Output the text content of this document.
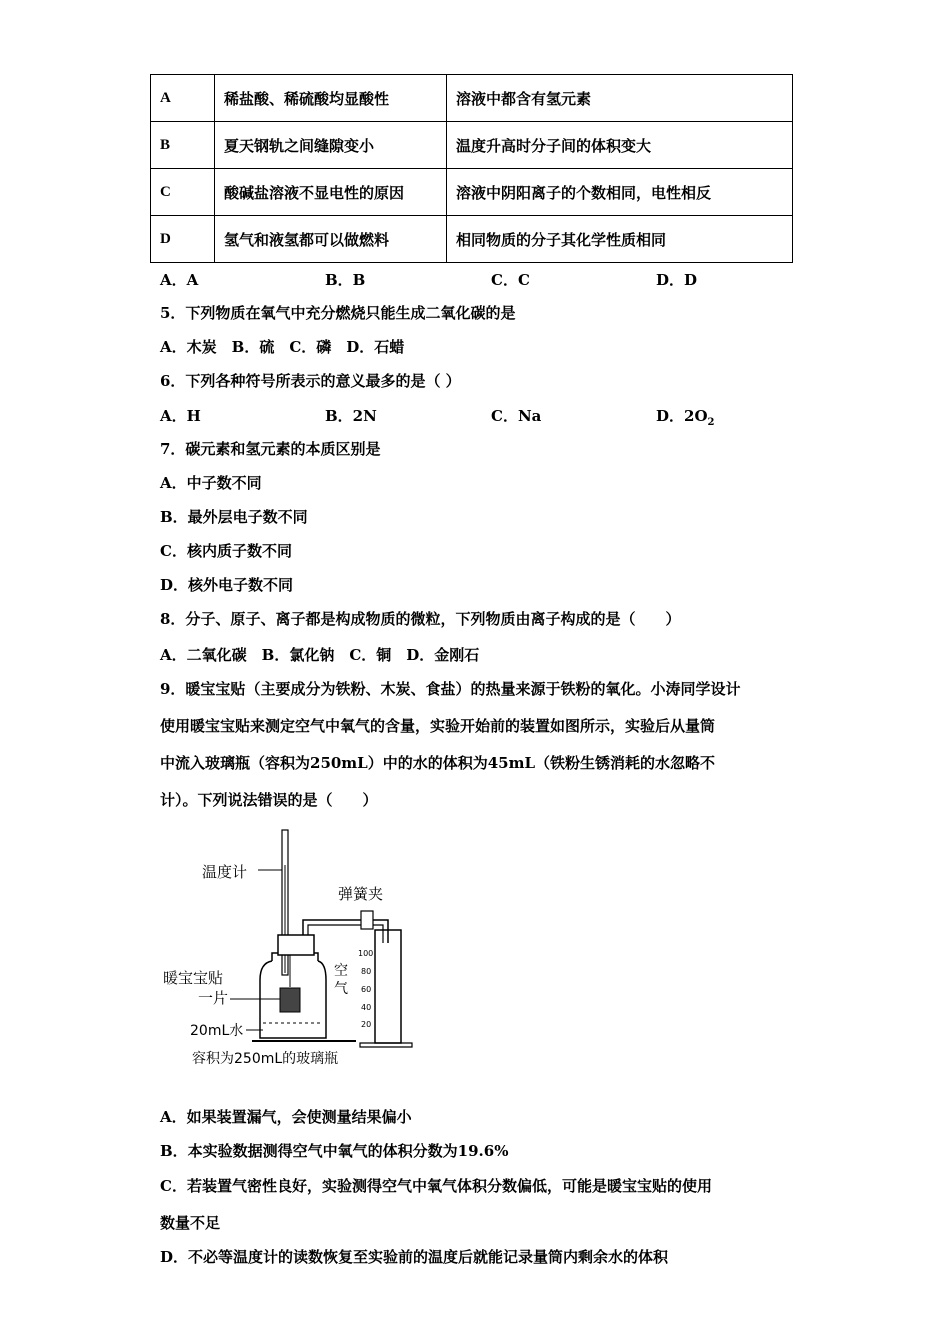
A	稀盐酸、稀硫酸均显酸性	溶液中都含有氢元素
B	夏天钢轨之间缝隙变小	温度升高时分子间的体积变大
C	酸碱盐溶液不显电性的原因	溶液中阴阳离子的个数相同，电性相反
D	氢气和液氢都可以做燃料	相同物质的分子其化学性质相同
A．A	B．B	C．C	D．D
5．下列物质在氧气中充分燃烧只能生成二氧化碳的是
A．木炭　B．硫　C．磷　D．石蜡
6．下列各种符号所表示的意义最多的是（ ）
A．H	B．2N	C．Na	D．$2O_2$
7．碳元素和氢元素的本质区别是
A．中子数不同
B．最外层电子数不同
C．核内质子数不同
D．核外电子数不同
8．分子、原子、离子都是构成物质的微粒，下列物质由离子构成的是（　　）
A．二氧化碳　B．氯化钠　C．铜　D．金刚石
9．暖宝宝贴（主要成分为铁粉、木炭、食盐）的热量来源于铁粉的氧化。小涛同学设计
使用暖宝宝贴来测定空气中氧气的含量，实验开始前的装置如图所示，实验后从量筒
中流入玻璃瓶（容积为250mL）中的水的体积为45mL（铁粉生锈消耗的水忽略不
计）。下列说法错误的是（　　）
温度计
弹簧夹
100
80
60
40
20
空
气
暖宝宝贴
一片
20mL水
容积为250mL的玻璃瓶
A．如果装置漏气，会使测量结果偏小
B．本实验数据测得空气中氧气的体积分数为19.6%
C．若装置气密性良好，实验测得空气中氧气体积分数偏低，可能是暖宝宝贴的使用
数量不足
D．不必等温度计的读数恢复至实验前的温度后就能记录量筒内剩余水的体积
